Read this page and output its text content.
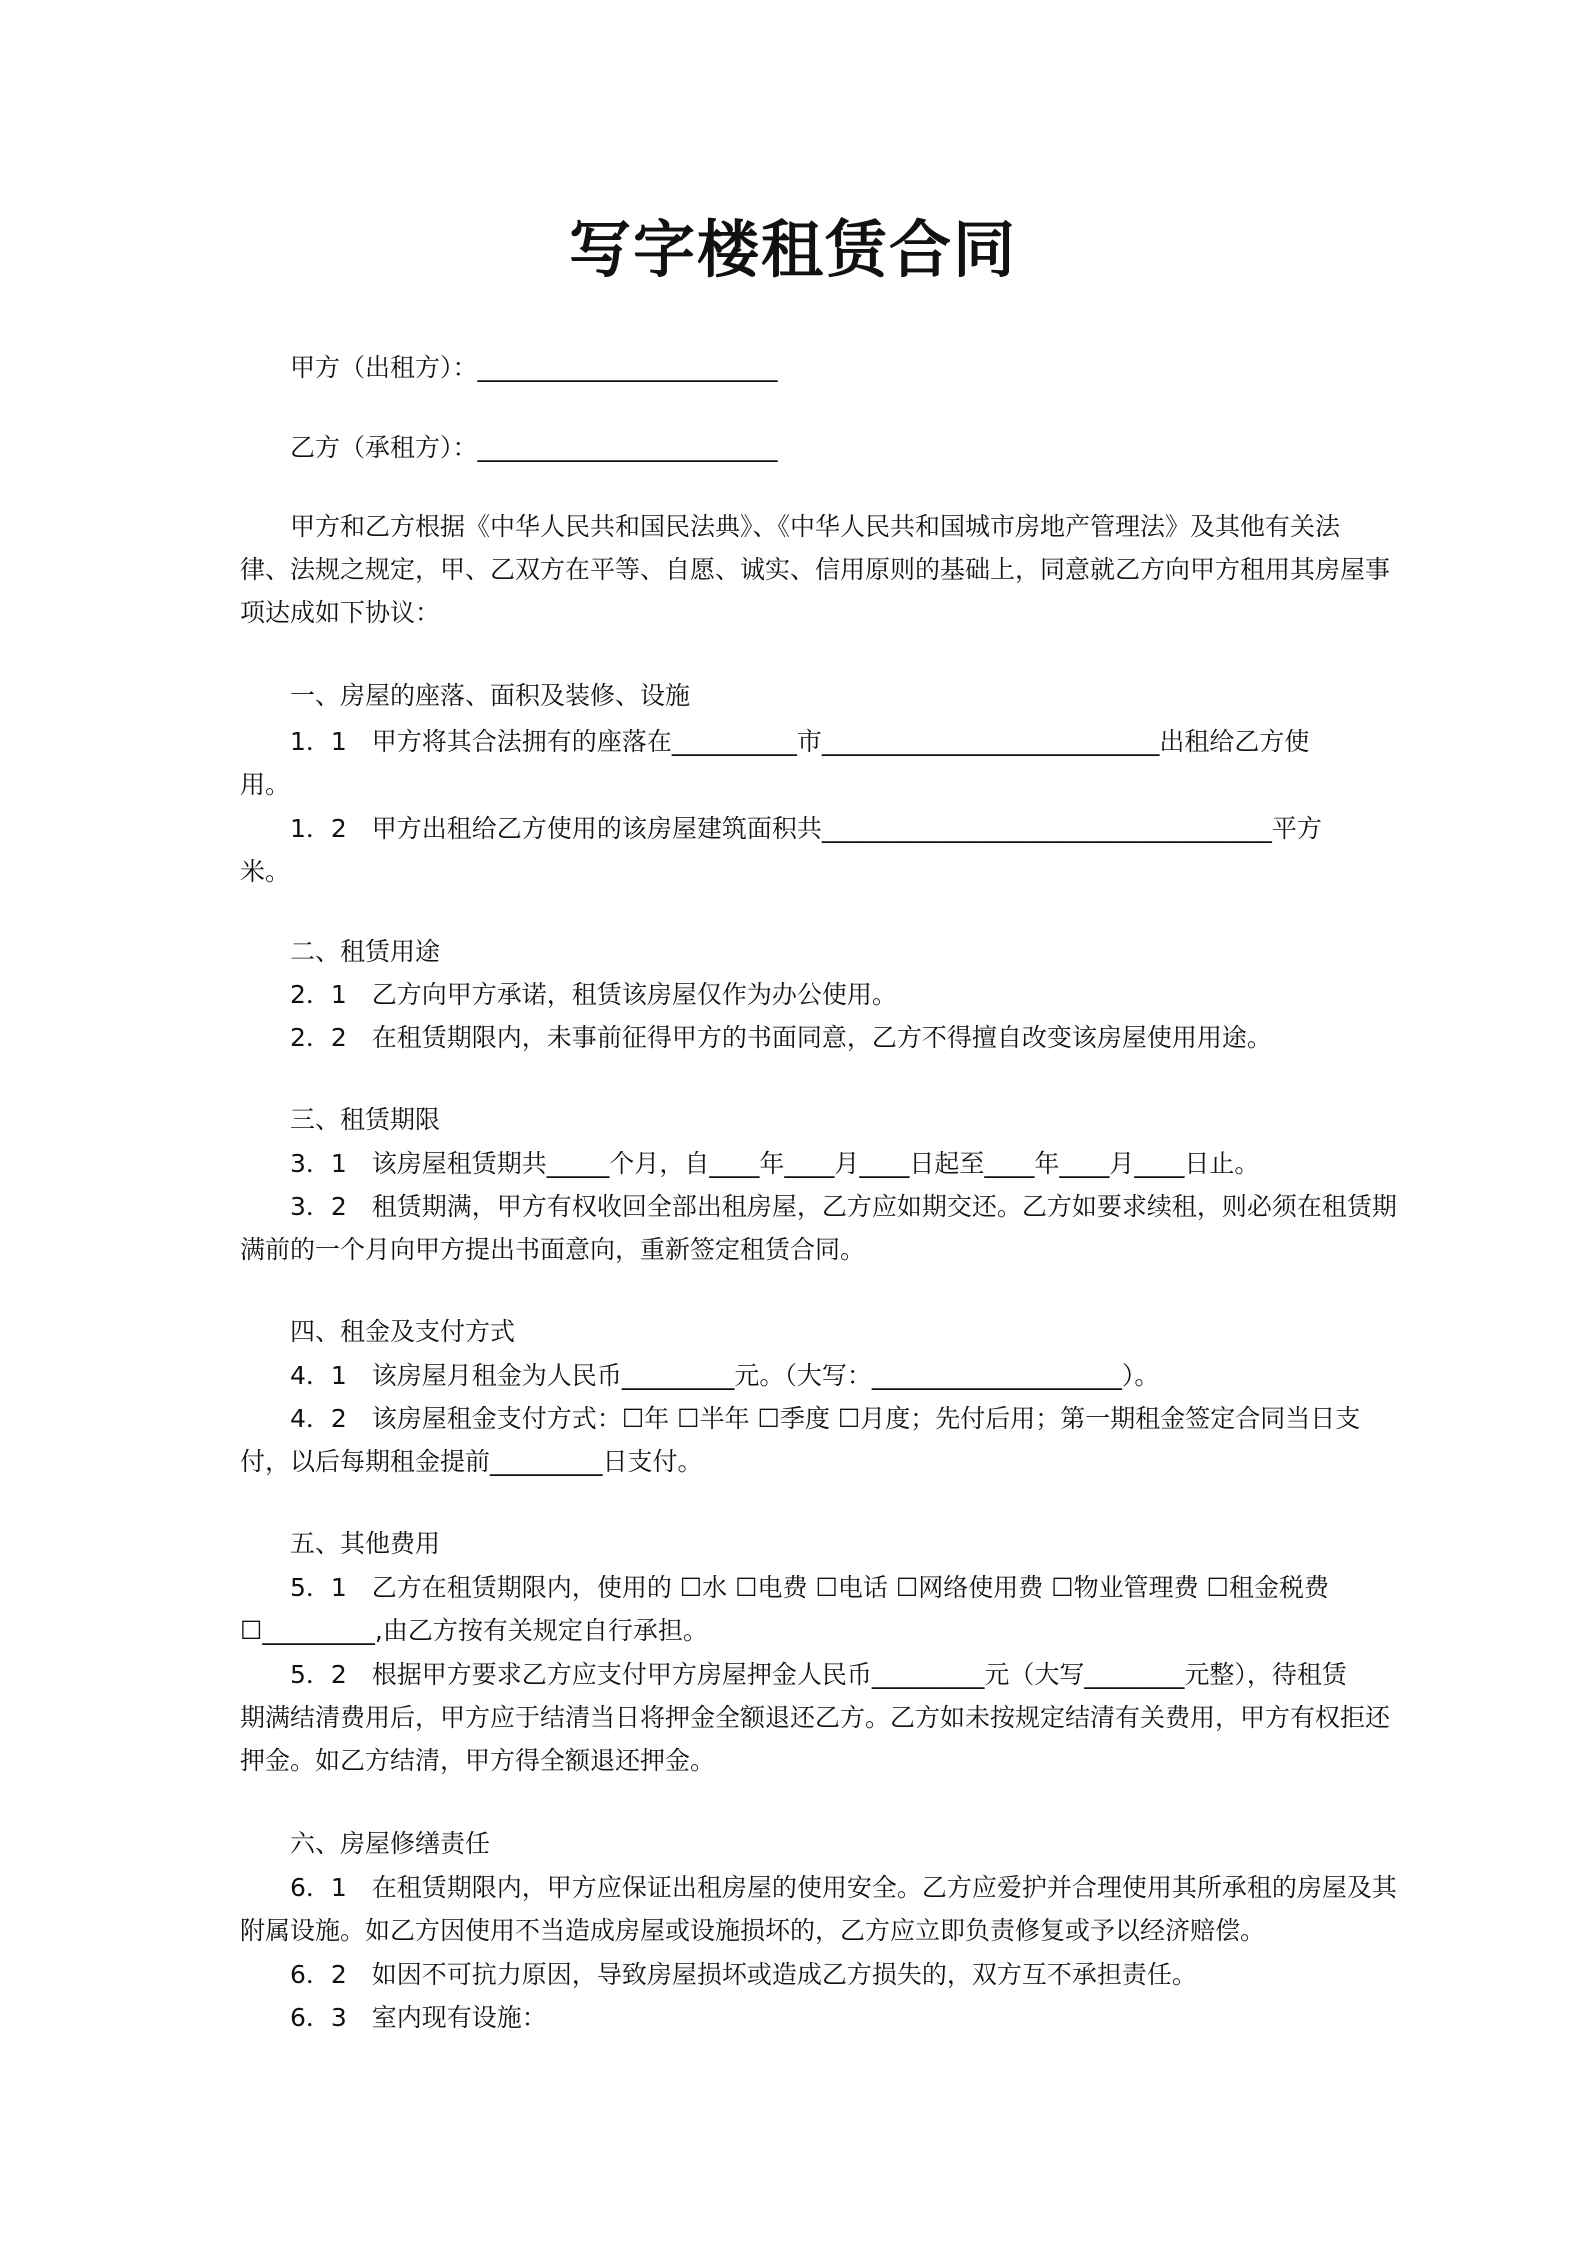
写字楼租赁合同
甲方（出租方）：________________________
乙方（承租方）：________________________
甲方和乙方根据《中华人民共和国民法典》、《中华人民共和国城市房地产管理法》及其他有关法
律、法规之规定，甲、乙双方在平等、自愿、诚实、信用原则的基础上，同意就乙方向甲方租用其房屋事
项达成如下协议：
一、房屋的座落、面积及装修、设施
1．1　甲方将其合法拥有的座落在__________市___________________________出租给乙方使
用。
1．2　甲方出租给乙方使用的该房屋建筑面积共____________________________________平方
米。
二、租赁用途
2．1　乙方向甲方承诺，租赁该房屋仅作为办公使用。
2．2　在租赁期限内，未事前征得甲方的书面同意，乙方不得擅自改变该房屋使用用途。
三、租赁期限
3．1　该房屋租赁期共_____个月，自____年____月____日起至____年____月____日止。
3．2　租赁期满，甲方有权收回全部出租房屋，乙方应如期交还。乙方如要求续租，则必须在租赁期
满前的一个月向甲方提出书面意向，重新签定租赁合同。
四、租金及支付方式
4．1　该房屋月租金为人民币_________元。（大写：____________________）。
4．2　该房屋租金支付方式：☐年 ☐半年 ☐季度 ☐月度；先付后用；第一期租金签定合同当日支
付，以后每期租金提前_________日支付。
五、其他费用
5．1　乙方在租赁期限内，使用的 ☐水 ☐电费 ☐电话 ☐网络使用费 ☐物业管理费 ☐租金税费
☐_________,由乙方按有关规定自行承担。
5．2　根据甲方要求乙方应支付甲方房屋押金人民币_________元（大写________元整），待租赁
期满结清费用后，甲方应于结清当日将押金全额退还乙方。乙方如未按规定结清有关费用，甲方有权拒还
押金。如乙方结清，甲方得全额退还押金。
六、房屋修缮责任
6．1　在租赁期限内，甲方应保证出租房屋的使用安全。乙方应爱护并合理使用其所承租的房屋及其
附属设施。如乙方因使用不当造成房屋或设施损坏的，乙方应立即负责修复或予以经济赔偿。
6．2　如因不可抗力原因，导致房屋损坏或造成乙方损失的，双方互不承担责任。
6．3　室内现有设施：
